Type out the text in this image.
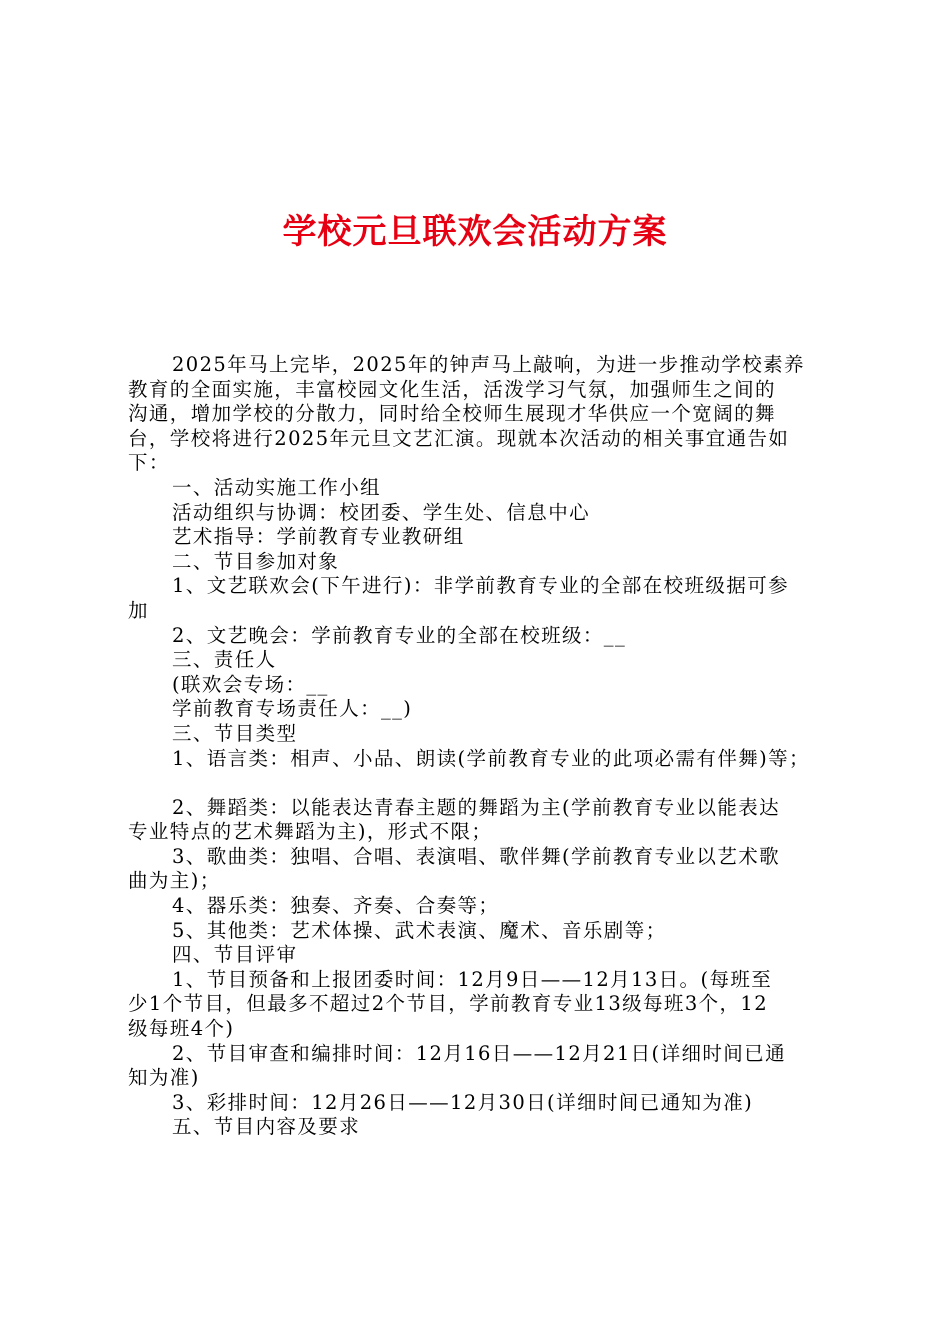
学校元旦联欢会活动方案
2025年马上完毕，2025年的钟声马上敲响，为进一步推动学校素养
教育的全面实施，丰富校园文化生活，活泼学习气氛，加强师生之间的
沟通，增加学校的分散力，同时给全校师生展现才华供应一个宽阔的舞
台，学校将进行2025年元旦文艺汇演。现就本次活动的相关事宜通告如
下：
一、活动实施工作小组
活动组织与协调：校团委、学生处、信息中心
艺术指导：学前教育专业教研组
二、节目参加对象
1、文艺联欢会(下午进行)：非学前教育专业的全部在校班级据可参
加
2、文艺晚会：学前教育专业的全部在校班级：__
三、责任人
(联欢会专场：__
学前教育专场责任人：__)
三、节目类型
1、语言类：相声、小品、朗读(学前教育专业的此项必需有伴舞)等；
2、舞蹈类：以能表达青春主题的舞蹈为主(学前教育专业以能表达
专业特点的艺术舞蹈为主)，形式不限；
3、歌曲类：独唱、合唱、表演唱、歌伴舞(学前教育专业以艺术歌
曲为主)；
4、器乐类：独奏、齐奏、合奏等；
5、其他类：艺术体操、武术表演、魔术、音乐剧等；
四、节目评审
1、节目预备和上报团委时间：12月9日——12月13日。(每班至
少1个节目，但最多不超过2个节目，学前教育专业13级每班3个，12
级每班4个)
2、节目审查和编排时间：12月16日——12月21日(详细时间已通
知为准)
3、彩排时间：12月26日——12月30日(详细时间已通知为准)
五、节目内容及要求
